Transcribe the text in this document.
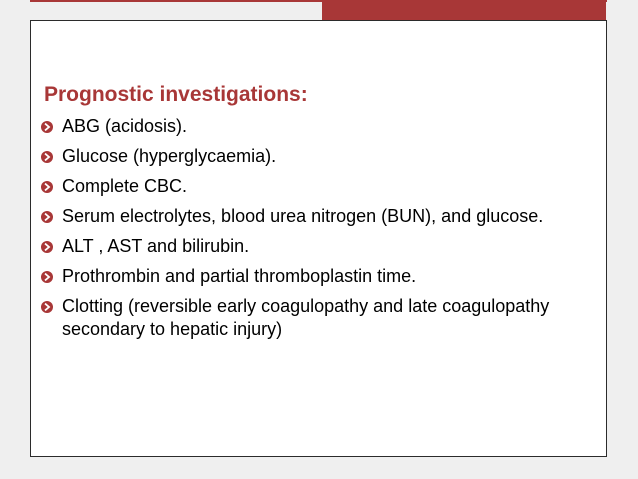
Prognostic investigations:
ABG (acidosis).
Glucose (hyperglycaemia).
Complete CBC.
Serum electrolytes, blood urea nitrogen (BUN), and glucose.
ALT , AST and bilirubin.
Prothrombin and partial thromboplastin time.
Clotting (reversible early coagulopathy and late coagulopathy secondary to hepatic injury)
